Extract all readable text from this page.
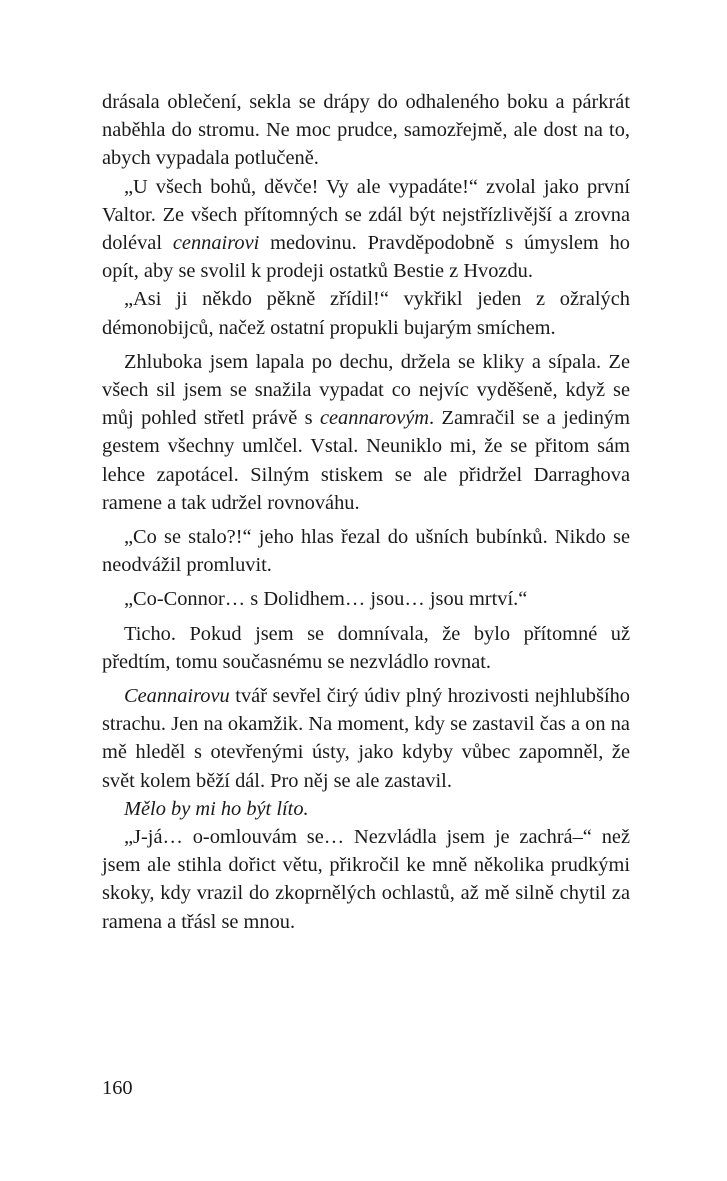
drásala oblečení, sekla se drápy do odhaleného boku a párkrát naběhla do stromu. Ne moc prudce, samozřejmě, ale dost na to, abych vypadala potlučeně.

„U všech bohů, děvče! Vy ale vypadáte!“ zvolal jako první Valtor. Ze všech přítomných se zdál být nejstřízlivější a zrovna doléval cennairovi medovinu. Pravděpodobně s úmyslem ho opít, aby se svolil k prodeji ostatků Bestie z Hvozdu.

„Asi ji někdo pěkně zřídil!“ vykřikl jeden z ožralých démonobijců, načež ostatní propukli bujarým smíchem.

Zhluboka jsem lapala po dechu, držela se kliky a sípala. Ze všech sil jsem se snažila vypadat co nejvíc vyděšeně, když se můj pohled střetl právě s ceannarovým. Zamračil se a jediným gestem všechny umlčel. Vstal. Neuniklo mi, že se přitom sám lehce zapotácel. Silným stiskem se ale přidržel Darraghova ramene a tak udržel rovnováhu.

„Co se stalo?!“ jeho hlas řezal do ušních bubínků. Nikdo se neodvážil promluvit.

„Co-Connor… s Dolidhem… jsou… jsou mrtví.“

Ticho. Pokud jsem se domnívala, že bylo přítomné už předtím, tomu současnému se nezvládlo rovnat.

Ceannairovu tvář sevřel čirý údiv plný hrozivosti nejhlubšího strachu. Jen na okamžik. Na moment, kdy se zastavil čas a on na mě hleděl s otevřenými ústy, jako kdyby vůbec zapomněl, že svět kolem běží dál. Pro něj se ale zastavil.

Mělo by mi ho být líto.

„J-já… o-omlouvám se… Nezvládla jsem je zachrá–“ než jsem ale stihla dořict větu, přikročil ke mně několika prudkými skoky, kdy vrazil do zkoprnělých ochlastů, až mě silně chytil za ramena a třásl se mnou.

160
